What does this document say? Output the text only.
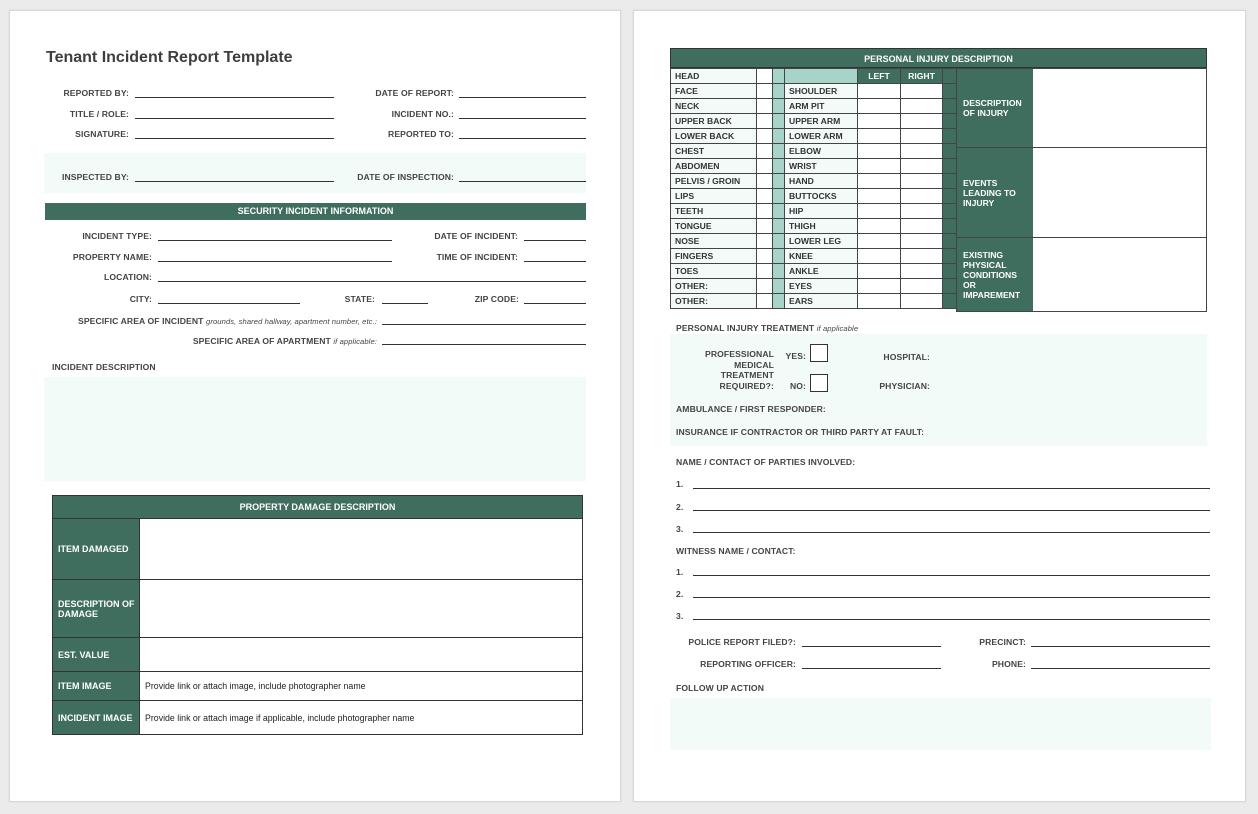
Tenant Incident Report Template
REPORTED BY:
TITLE / ROLE:
SIGNATURE:
DATE OF REPORT:
INCIDENT NO.:
REPORTED TO:
INSPECTED BY:	DATE OF INSPECTION:
SECURITY INCIDENT INFORMATION
INCIDENT TYPE:
PROPERTY NAME:
LOCATION:
CITY:
DATE OF INCIDENT:
TIME OF INCIDENT:
STATE:	ZIP CODE:
SPECIFIC AREA OF INCIDENT grounds, shared hallway, apartment number, etc.:
SPECIFIC AREA OF APARTMENT if applicable:
INCIDENT DESCRIPTION
PROPERTY DAMAGE DESCRIPTION
ITEM DAMAGED	
DESCRIPTION OF DAMAGE	
EST. VALUE	
ITEM IMAGE	Provide link or attach image, include photographer name
INCIDENT IMAGE	Provide link or attach image if applicable, include photographer name
PERSONAL INJURY DESCRIPTION
HEAD				LEFT	RIGHT	
FACE			SHOULDER			
NECK			ARM PIT			
UPPER BACK			UPPER ARM			
LOWER BACK			LOWER ARM			
CHEST			ELBOW			
ABDOMEN			WRIST			
PELVIS / GROIN			HAND			
LIPS			BUTTOCKS			
TEETH			HIP			
TONGUE			THIGH			
NOSE			LOWER LEG			
FINGERS			KNEE			
TOES			ANKLE			
OTHER:			EYES			
OTHER:			EARS			
DESCRIPTION OF INJURY
EVENTS LEADING TO INJURY
EXISTING PHYSICAL CONDITIONS OR IMPAREMENT
PERSONAL INJURY TREATMENT if applicable
PROFESSIONAL MEDICAL TREATMENT REQUIRED?:
YES:
NO:
HOSPITAL:
PHYSICIAN:
AMBULANCE / FIRST RESPONDER:
INSURANCE IF CONTRACTOR OR THIRD PARTY AT FAULT:
NAME / CONTACT OF PARTIES INVOLVED:
1.
2.
3.
WITNESS NAME / CONTACT:
1.
2.
3.
POLICE REPORT FILED?:
REPORTING OFFICER:
PRECINCT:
PHONE:
FOLLOW UP ACTION
